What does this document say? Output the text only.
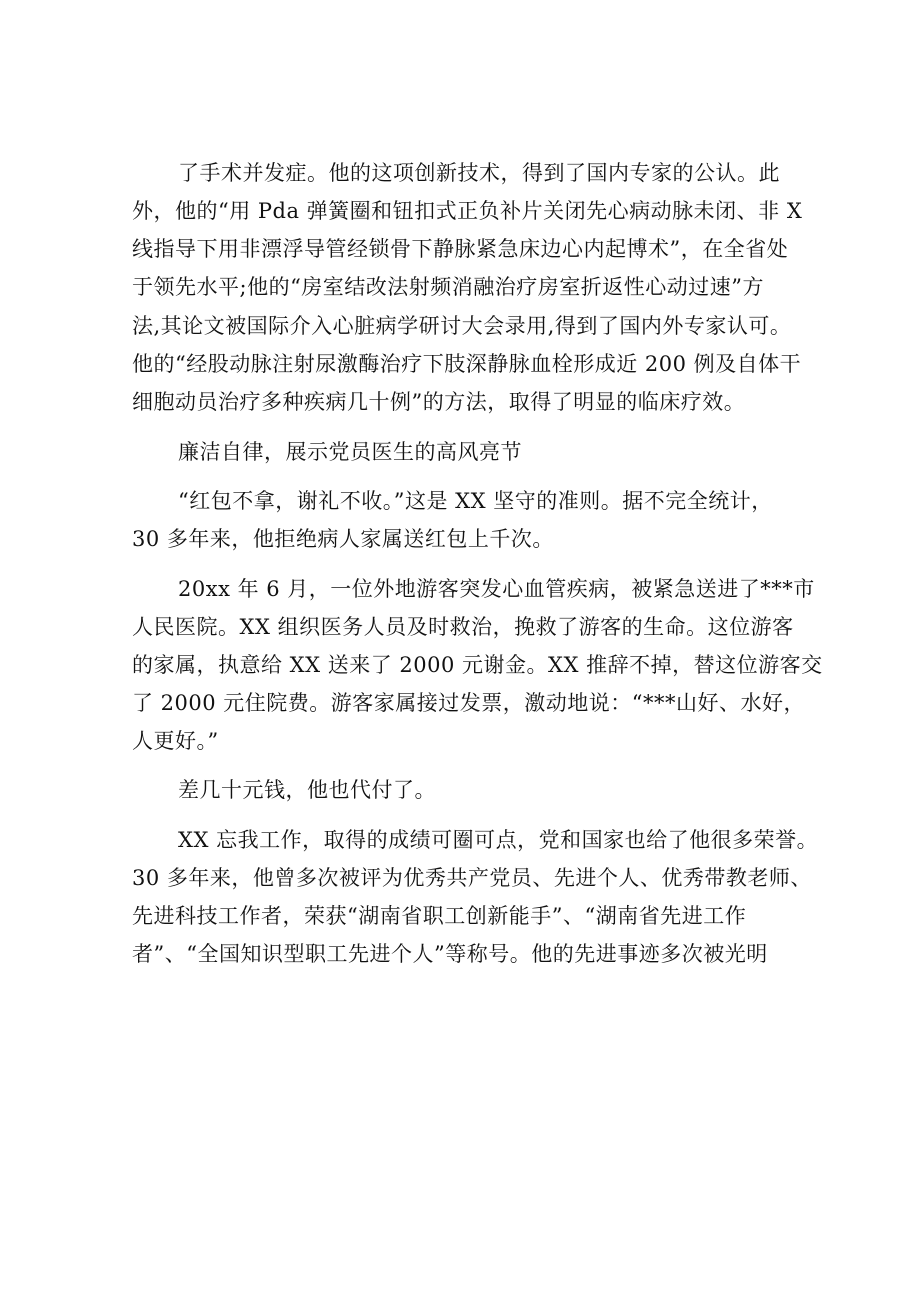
了手术并发症。他的这项创新技术，得到了国内专家的公认。此
外，他的“用 Pda 弹簧圈和钮扣式正负补片关闭先心病动脉未闭、非 X
线指导下用非漂浮导管经锁骨下静脉紧急床边心内起博术”，在全省处
于领先水平;他的“房室结改法射频消融治疗房室折返性心动过速”方
法,其论文被国际介入心脏病学研讨大会录用,得到了国内外专家认可。
他的“经股动脉注射尿激酶治疗下肢深静脉血栓形成近 200 例及自体干
细胞动员治疗多种疾病几十例”的方法，取得了明显的临床疗效。
廉洁自律，展示党员医生的高风亮节
“红包不拿，谢礼不收。”这是 XX 坚守的准则。据不完全统计，
30 多年来，他拒绝病人家属送红包上千次。
20xx 年 6 月，一位外地游客突发心血管疾病，被紧急送进了***市
人民医院。XX 组织医务人员及时救治，挽救了游客的生命。这位游客
的家属，执意给 XX 送来了 2000 元谢金。XX 推辞不掉，替这位游客交
了 2000 元住院费。游客家属接过发票，激动地说：“***山好、水好，
人更好。”
差几十元钱，他也代付了。
XX 忘我工作，取得的成绩可圈可点，党和国家也给了他很多荣誉。
30 多年来，他曾多次被评为优秀共产党员、先进个人、优秀带教老师、
先进科技工作者，荣获“湖南省职工创新能手”、“湖南省先进工作
者”、“全国知识型职工先进个人”等称号。他的先进事迹多次被光明
